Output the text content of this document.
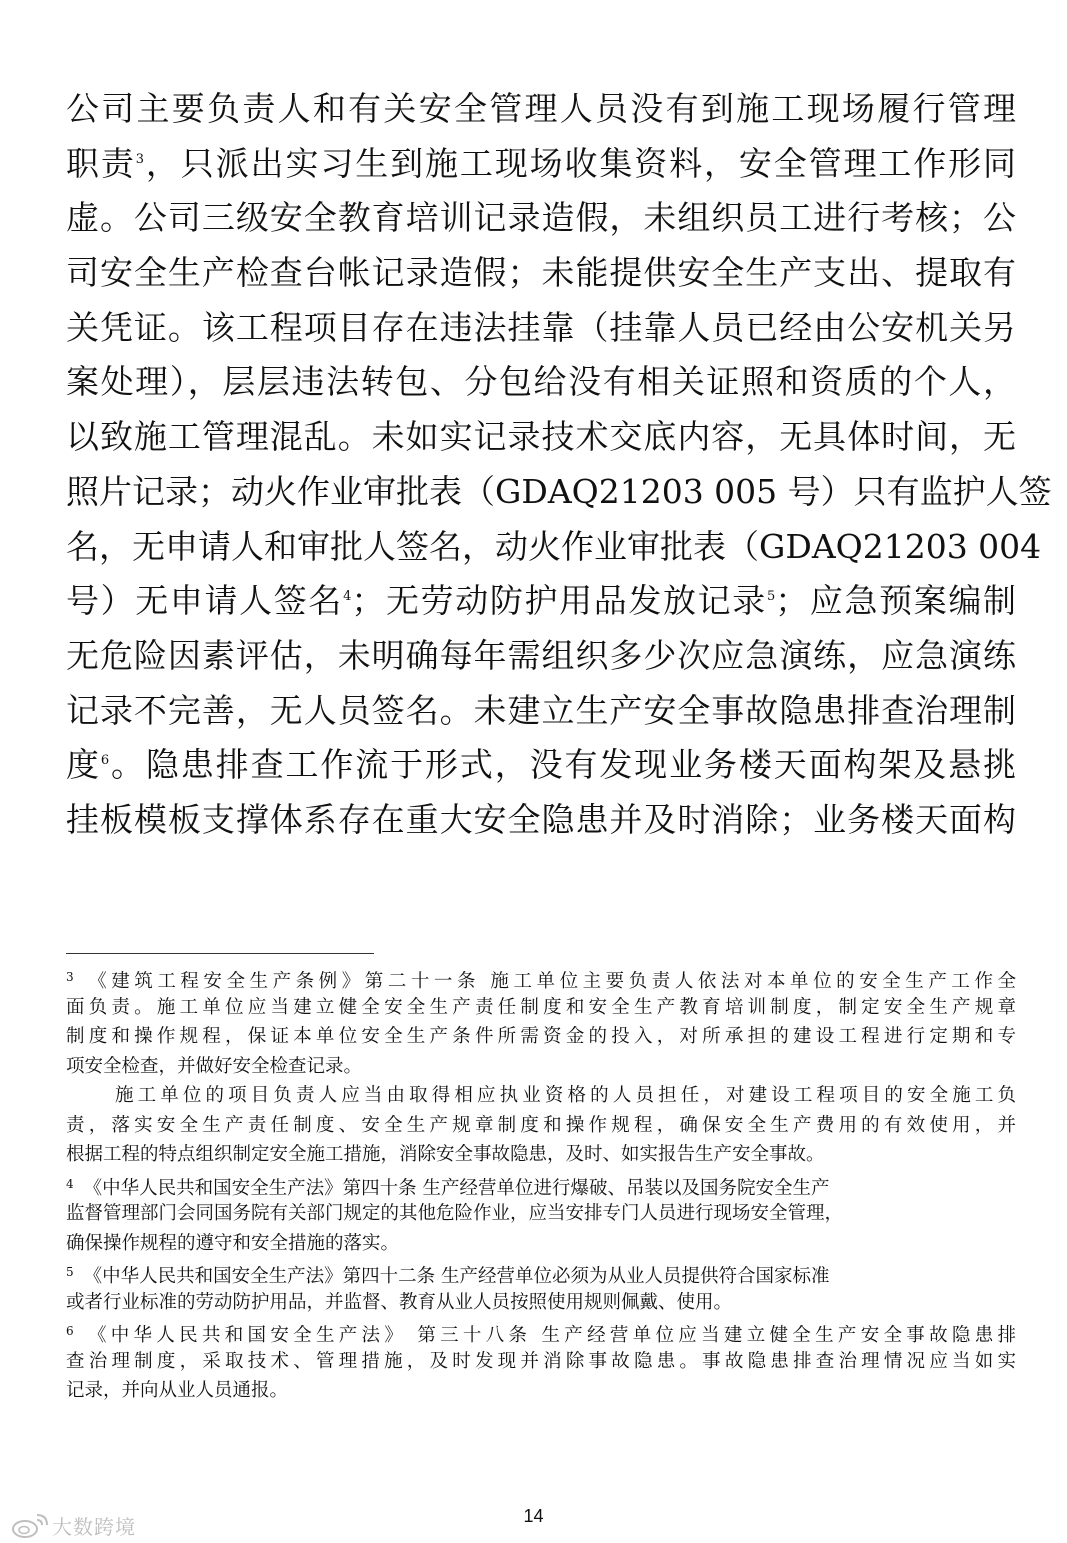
公司主要负责人和有关安全管理人员没有到施工现场履行管理
职责$^3$，只派出实习生到施工现场收集资料，安全管理工作形同
虚。公司三级安全教育培训记录造假，未组织员工进行考核；公
司安全生产检查台帐记录造假；未能提供安全生产支出、提取有
关凭证。该工程项目存在违法挂靠（挂靠人员已经由公安机关另
案处理），层层违法转包、分包给没有相关证照和资质的个人，
以致施工管理混乱。未如实记录技术交底内容，无具体时间，无
照片记录；动火作业审批表（GDAQ21203 005 号）只有监护人签
名，无申请人和审批人签名，动火作业审批表（GDAQ21203 004
号）无申请人签名$^4$；无劳动防护用品发放记录$^5$；应急预案编制
无危险因素评估，未明确每年需组织多少次应急演练，应急演练
记录不完善，无人员签名。未建立生产安全事故隐患排查治理制
度$^6$。隐患排查工作流于形式，没有发现业务楼天面构架及悬挑
挂板模板支撑体系存在重大安全隐患并及时消除；业务楼天面构
$^3$ 《建筑工程安全生产条例》第二十一条 施工单位主要负责人依法对本单位的安全生产工作全
面负责。施工单位应当建立健全安全生产责任制度和安全生产教育培训制度，制定安全生产规章
制度和操作规程，保证本单位安全生产条件所需资金的投入，对所承担的建设工程进行定期和专
项安全检查，并做好安全检查记录。
施工单位的项目负责人应当由取得相应执业资格的人员担任，对建设工程项目的安全施工负
责，落实安全生产责任制度、安全生产规章制度和操作规程，确保安全生产费用的有效使用，并
根据工程的特点组织制定安全施工措施，消除安全事故隐患，及时、如实报告生产安全事故。
$^4$ 《中华人民共和国安全生产法》第四十条 生产经营单位进行爆破、吊装以及国务院安全生产
监督管理部门会同国务院有关部门规定的其他危险作业，应当安排专门人员进行现场安全管理，
确保操作规程的遵守和安全措施的落实。
$^5$ 《中华人民共和国安全生产法》第四十二条 生产经营单位必须为从业人员提供符合国家标准
或者行业标准的劳动防护用品，并监督、教育从业人员按照使用规则佩戴、使用。
$^6$ 《中华人民共和国安全生产法》 第三十八条 生产经营单位应当建立健全生产安全事故隐患排
查治理制度，采取技术、管理措施，及时发现并消除事故隐患。事故隐患排查治理情况应当如实
记录，并向从业人员通报。
14
大数跨境
